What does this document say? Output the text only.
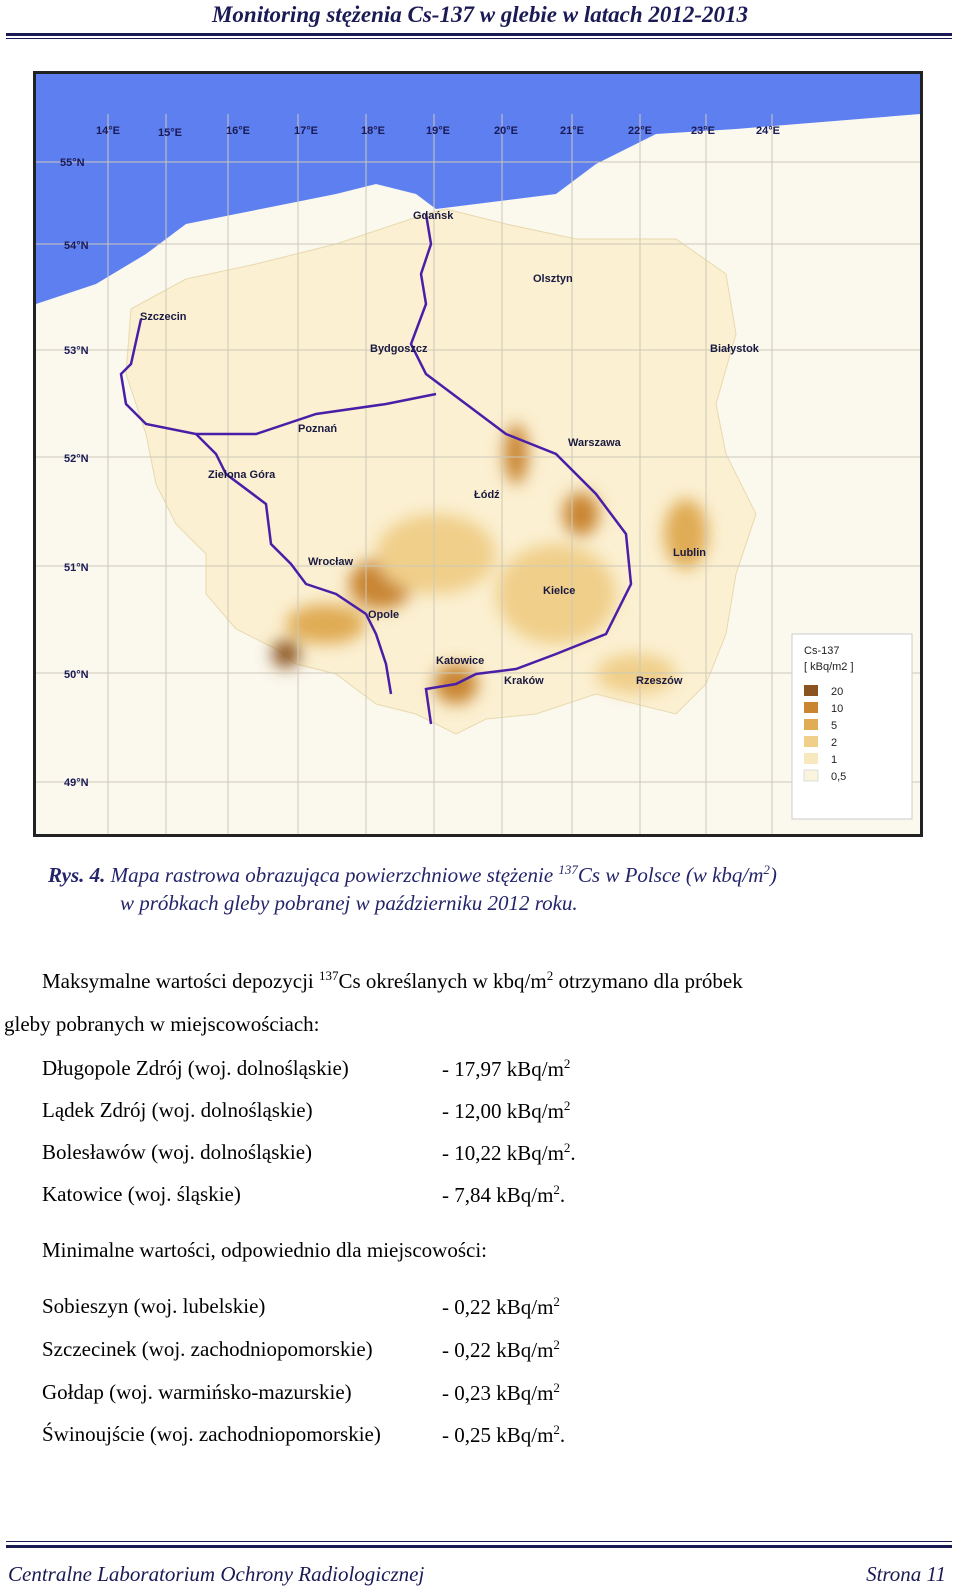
Monitoring stężenia Cs-137 w glebie w latach 2012-2013
14°E	15°E	16°E	17°E	18°E	19°E	20°E	21°E	22°E	23°E	24°E
55°N
54°N
53°N
52°N
51°N
50°N
49°N
Gdańsk
Olsztyn
Szczecin
Bydgoszcz	Białystok
Poznań
Warszawa
Zielona Góra
Łódź
Lublin
Wrocław
Kielce
Opole
Katowice
Kraków	Rzeszów
Cs-137
[ kBq/m2 ]
20
10
5
2
1
0,5
Rys. 4. Mapa rastrowa obrazująca powierzchniowe stężenie $^{137}$Cs w Polsce (w kbq/$m^2$)
w próbkach gleby pobranej w październiku 2012 roku.
Maksymalne wartości depozycji $^{137}$Cs określanych w kbq/$m^2$ otrzymano dla próbek
gleby pobranych w miejscowościach:
Długopole Zdrój (woj. dolnośląskie)	- 17,97 kBq/$m^2$
Lądek Zdrój (woj. dolnośląskie)	- 12,00 kBq/$m^2$
Bolesławów (woj. dolnośląskie)	- 10,22 kBq/$m^2$.
Katowice (woj. śląskie)	- 7,84 kBq/$m^2$.
Minimalne wartości, odpowiednio dla miejscowości:
Sobieszyn (woj. lubelskie)	- 0,22 kBq/$m^2$
Szczecinek (woj. zachodniopomorskie)	- 0,22 kBq/$m^2$
Gołdap (woj. warmińsko-mazurskie)	- 0,23 kBq/$m^2$
Świnoujście (woj. zachodniopomorskie)	- 0,25 kBq/$m^2$.
Centralne Laboratorium Ochrony Radiologicznej	Strona 11
